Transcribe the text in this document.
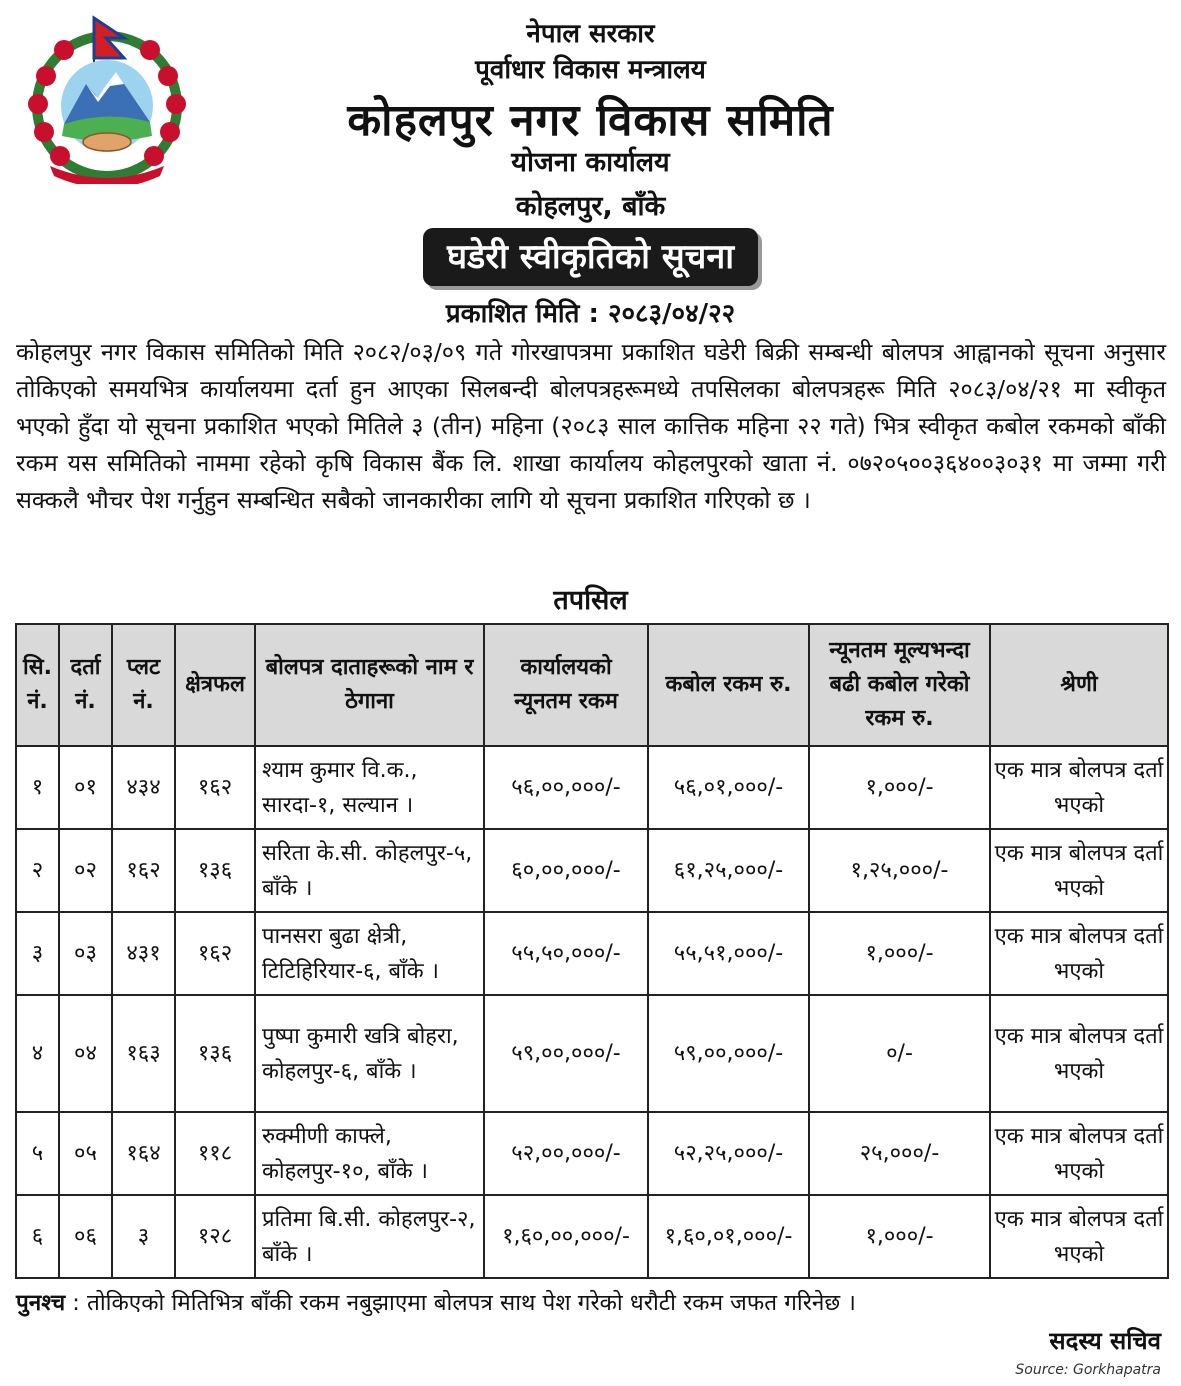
नेपाल सरकार
पूर्वाधार विकास मन्त्रालय
कोहलपुर नगर विकास समिति
योजना कार्यालय
कोहलपुर, बाँके
घडेरी स्वीकृतिको सूचना
प्रकाशित मिति : २०८३/०४/२२

कोहलपुर नगर विकास समितिको मिति २०८२/०३/०९ गते गोरखापत्रमा प्रकाशित घडेरी बिक्री सम्बन्धी बोलपत्र आह्वानको सूचना अनुसार तोकिएको समयभित्र कार्यालयमा दर्ता हुन आएका सिलबन्दी बोलपत्रहरूमध्ये तपसिलका बोलपत्रहरू मिति २०८३/०४/२१ मा स्वीकृत भएको हुँदा यो सूचना प्रकाशित भएको मितिले ३ (तीन) महिना (२०८३ साल कात्तिक महिना २२ गते) भित्र स्वीकृत कबोल रकमको बाँकी रकम यस समितिको नाममा रहेको कृषि विकास बैंक लि. शाखा कार्यालय कोहलपुरको खाता नं. ०७२०५००३६४००३०३१ मा जम्मा गरी सक्कलै भौचर पेश गर्नुहुन सम्बन्धित सबैको जानकारीका लागि यो सूचना प्रकाशित गरिएको छ ।

तपसिल
सि. नं.	दर्ता नं.	प्लट नं.	क्षेत्रफल	बोलपत्र दाताहरूको नाम र ठेगाना	कार्यालयको न्यूनतम रकम	कबोल रकम रु.	न्यूनतम मूल्यभन्दा बढी कबोल गरेको रकम रु.	श्रेणी
१	०१	४३४	१६२	श्याम कुमार वि.क., सारदा-१, सल्यान ।	५६,००,०००/-	५६,०१,०००/-	१,०००/-	एक मात्र बोलपत्र दर्ता भएको
२	०२	१६२	१३६	सरिता के.सी. कोहलपुर-५, बाँके ।	६०,००,०००/-	६१,२५,०००/-	१,२५,०००/-	एक मात्र बोलपत्र दर्ता भएको
३	०३	४३१	१६२	पानसरा बुढा क्षेत्री, टिटिहिरियार-६, बाँके ।	५५,५०,०००/-	५५,५१,०००/-	१,०००/-	एक मात्र बोलपत्र दर्ता भएको
४	०४	१६३	१३६	पुष्पा कुमारी खत्रि बोहरा, कोहलपुर-६, बाँके ।	५९,००,०००/-	५९,००,०००/-	०/-	एक मात्र बोलपत्र दर्ता भएको
५	०५	१६४	११८	रुक्मीणी काफ्ले, कोहलपुर-१०, बाँके ।	५२,००,०००/-	५२,२५,०००/-	२५,०००/-	एक मात्र बोलपत्र दर्ता भएको
६	०६	३	१२८	प्रतिमा बि.सी. कोहलपुर-२, बाँके ।	१,६०,००,०००/-	१,६०,०१,०००/-	१,०००/-	एक मात्र बोलपत्र दर्ता भएको

पुनश्च : तोकिएको मितिभित्र बाँकी रकम नबुझाएमा बोलपत्र साथ पेश गरेको धरौटी रकम जफत गरिनेछ ।

सदस्य सचिव
Source: Gorkhapatra
